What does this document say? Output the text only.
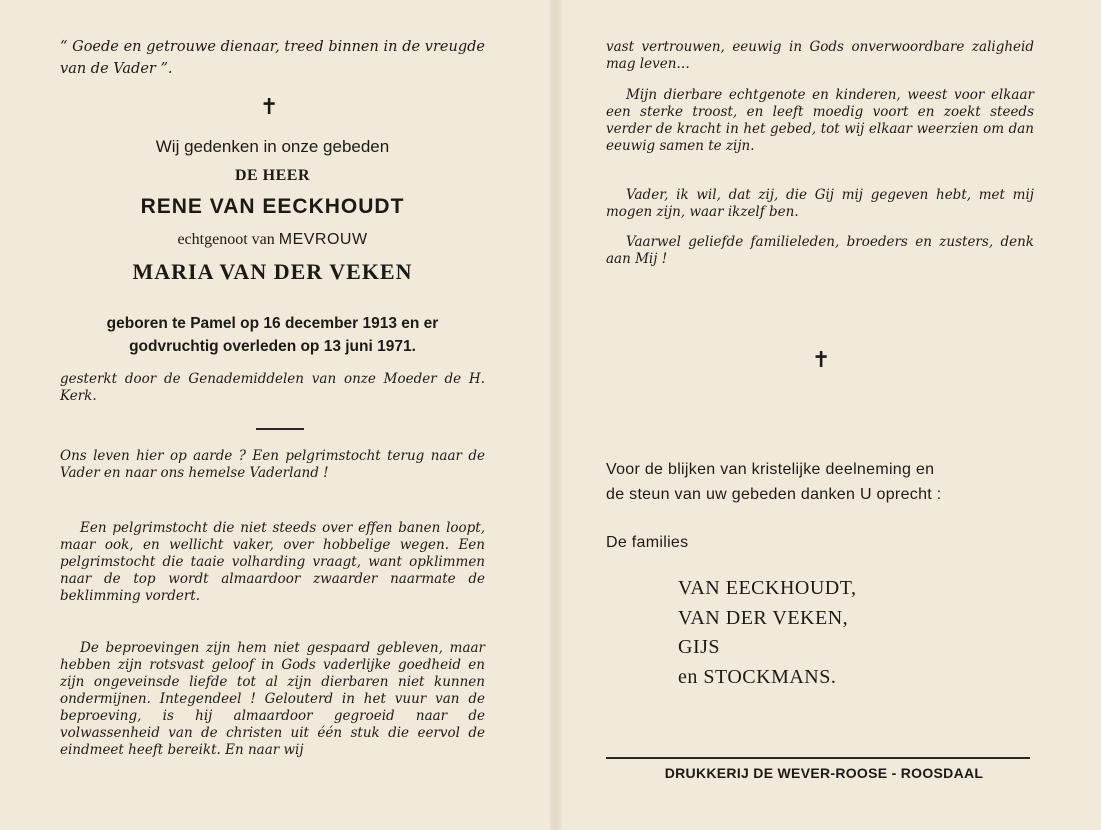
“ Goede en getrouwe dienaar, treed binnen in de vreugde van de Vader ”.

✝

Wij gedenken in onze gebeden

DE HEER

RENE VAN EECKHOUDT

echtgenoot van MEVROUW

MARIA VAN DER VEKEN

geboren te Pamel op 16 december 1913 en er

godvruchtig overleden op 13 juni 1971.

gesterkt door de Genademiddelen van onze Moeder de H. Kerk.

Ons leven hier op aarde ? Een pelgrimstocht terug naar de Vader en naar ons hemelse Vaderland !

Een pelgrimstocht die niet steeds over effen banen loopt, maar ook, en wellicht vaker, over hobbelige wegen. Een pelgrimstocht die taaie volharding vraagt, want opklimmen naar de top wordt almaardoor zwaarder naarmate de beklimming vordert.

De beproevingen zijn hem niet gespaard gebleven, maar hebben zijn rotsvast geloof in Gods vaderlijke goedheid en zijn ongeveinsde liefde tot al zijn dierbaren niet kunnen ondermijnen. Integendeel ! Gelouterd in het vuur van de beproeving, is hij almaardoor gegroeid naar de volwassenheid van de christen uit één stuk die eervol de eindmeet heeft bereikt. En naar wij

vast vertrouwen, eeuwig in Gods onverwoordbare zaligheid mag leven…

Mijn dierbare echtgenote en kinderen, weest voor elkaar een sterke troost, en leeft moedig voort en zoekt steeds verder de kracht in het gebed, tot wij elkaar weerzien om dan eeuwig samen te zijn.

Vader, ik wil, dat zij, die Gij mij gegeven hebt, met mij mogen zijn, waar ikzelf ben.

Vaarwel geliefde familieleden, broeders en zusters, denk aan Mij !

✝

Voor de blijken van kristelijke deelneming en

de steun van uw gebeden danken U oprecht :

De families

VAN EECKHOUDT,

VAN DER VEKEN,

GIJS

en STOCKMANS.

DRUKKERIJ DE WEVER-ROOSE - ROOSDAAL
